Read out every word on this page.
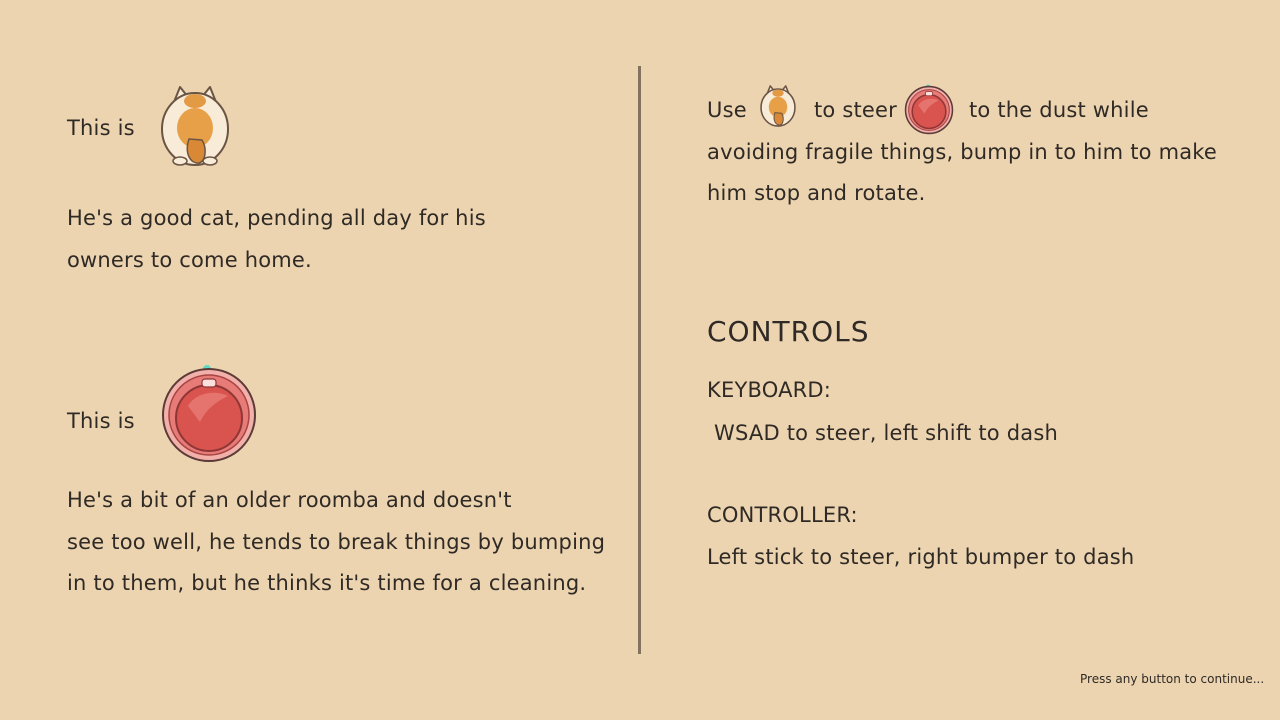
This is
He's a good cat, pending all day for his
owners to come home.
This is
He's a bit of an older roomba and doesn't
see too well, he tends to break things by bumping
in to them, but he thinks it's time for a cleaning.
Use	to steer	to the dust while
avoiding fragile things, bump in to him to make
him stop and rotate.
CONTROLS
KEYBOARD:
WSAD to steer, left shift to dash
CONTROLLER:
Left stick to steer, right bumper to dash
Press any button to continue...
